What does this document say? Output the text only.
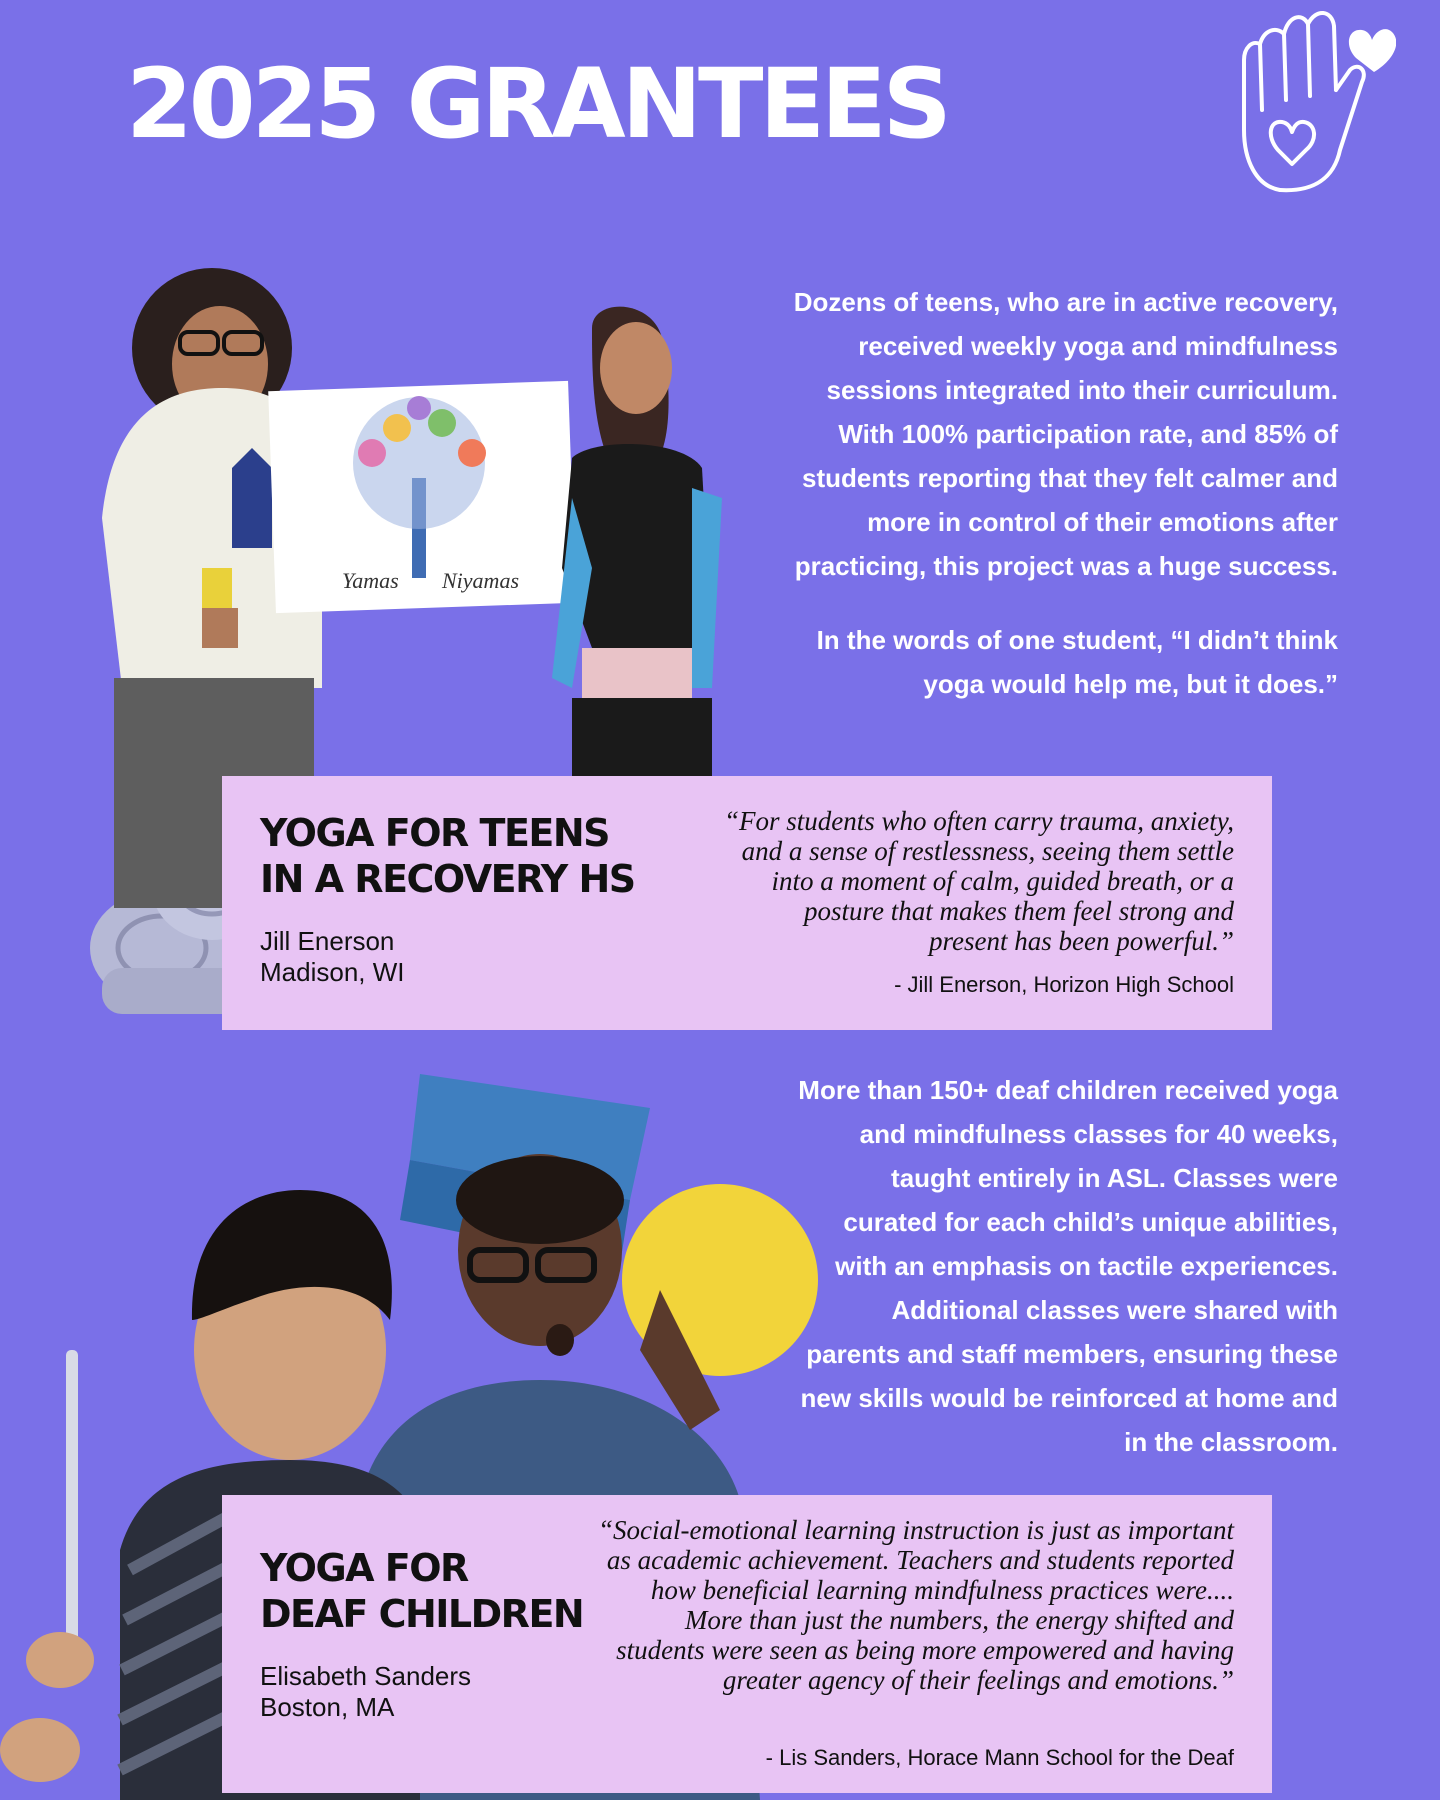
2025 GRANTEES
Yamas Niyamas

Dozens of teens, who are in active recovery, received weekly yoga and mindfulness sessions integrated into their curriculum. With 100% participation rate, and 85% of students reporting that they felt calmer and more in control of their emotions after practicing, this project was a huge success.

In the words of one student, “I didn’t think yoga would help me, but it does.”

YOGA FOR TEENS
IN A RECOVERY HS
Jill Enerson
Madison, WI
“For students who often carry trauma, anxiety, and a sense of restlessness, seeing them settle into a moment of calm, guided breath, or a posture that makes them feel strong and present has been powerful.”
- Jill Enerson, Horizon High School

More than 150+ deaf children received yoga and mindfulness classes for 40 weeks, taught entirely in ASL. Classes were curated for each child’s unique abilities, with an emphasis on tactile experiences. Additional classes were shared with parents and staff members, ensuring these new skills would be reinforced at home and in the classroom.

YOGA FOR
DEAF CHILDREN
Elisabeth Sanders
Boston, MA
“Social-emotional learning instruction is just as important as academic achievement. Teachers and students reported how beneficial learning mindfulness practices were.... More than just the numbers, the energy shifted and students were seen as being more empowered and having greater agency of their feelings and emotions.”
- Lis Sanders, Horace Mann School for the Deaf
